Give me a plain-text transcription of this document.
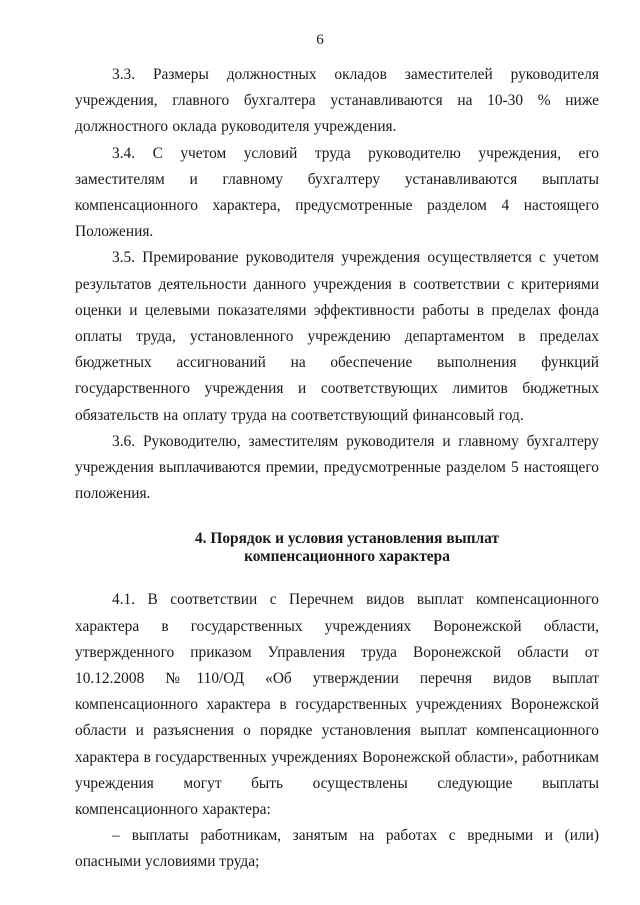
6

3.3. Размеры должностных окладов заместителей руководителя учреждения, главного бухгалтера устанавливаются на 10-30 % ниже должностного оклада руководителя учреждения.

3.4. С учетом условий труда руководителю учреждения, его заместителям и главному бухгалтеру устанавливаются выплаты компенсационного характера, предусмотренные разделом 4 настоящего Положения.

3.5. Премирование руководителя учреждения осуществляется с учетом результатов деятельности данного учреждения в соответствии с критериями оценки и целевыми показателями эффективности работы в пределах фонда оплаты труда, установленного учреждению департаментом в пределах бюджетных ассигнований на обеспечение выполнения функций государственного учреждения и соответствующих лимитов бюджетных обязательств на оплату труда на соответствующий финансовый год.

3.6. Руководителю, заместителям руководителя и главному бухгалтеру учреждения выплачиваются премии, предусмотренные разделом 5 настоящего положения.

4. Порядок и условия установления выплат
компенсационного характера

4.1. В соответствии с Перечнем видов выплат компенсационного характера в государственных учреждениях Воронежской области, утвержденного приказом Управления труда Воронежской области от 10.12.2008 №110/ОД «Об утверждении перечня видов выплат компенсационного характера в государственных учреждениях Воронежской области и разъяснения о порядке установления выплат компенсационного характера в государственных учреждениях Воронежской области», работникам учреждения могут быть осуществлены следующие выплаты компенсационного характера:

– выплаты работникам, занятым на работах с вредными и (или) опасными условиями труда;
